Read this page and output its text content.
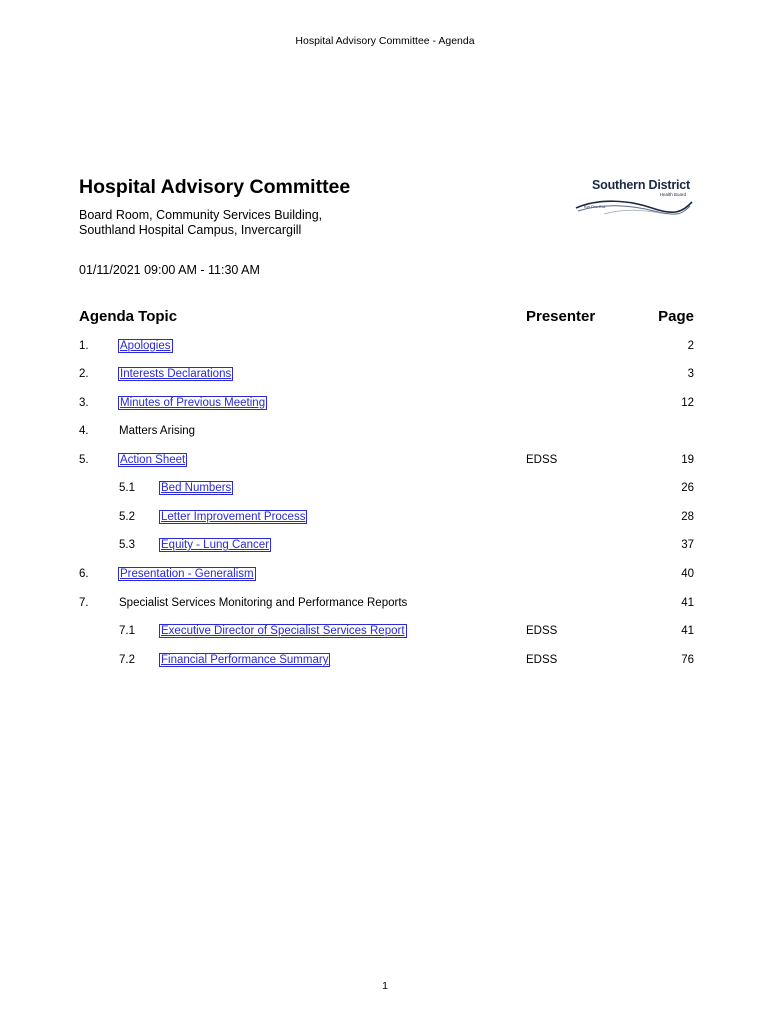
Hospital Advisory Committee - Agenda
Hospital Advisory Committee
Board Room, Community Services Building,
Southland Hospital Campus, Invercargill
Southern District
Health Board
Kia Ora Ora
01/11/2021 09:00 AM - 11:30 AM
Agenda Topic	Presenter	Page
1.	Apologies	2
2.	Interests Declarations	3
3.	Minutes of Previous Meeting	12
4.	Matters Arising
5.	Action Sheet	EDSS	19
5.1 Bed Numbers	26
5.2 Letter Improvement Process	28
5.3 Equity - Lung Cancer	37
6.	Presentation - Generalism	40
7.	Specialist Services Monitoring and Performance Reports	41
7.1 Executive Director of Specialist Services Report	EDSS	41
7.2 Financial Performance Summary	EDSS	76
1
